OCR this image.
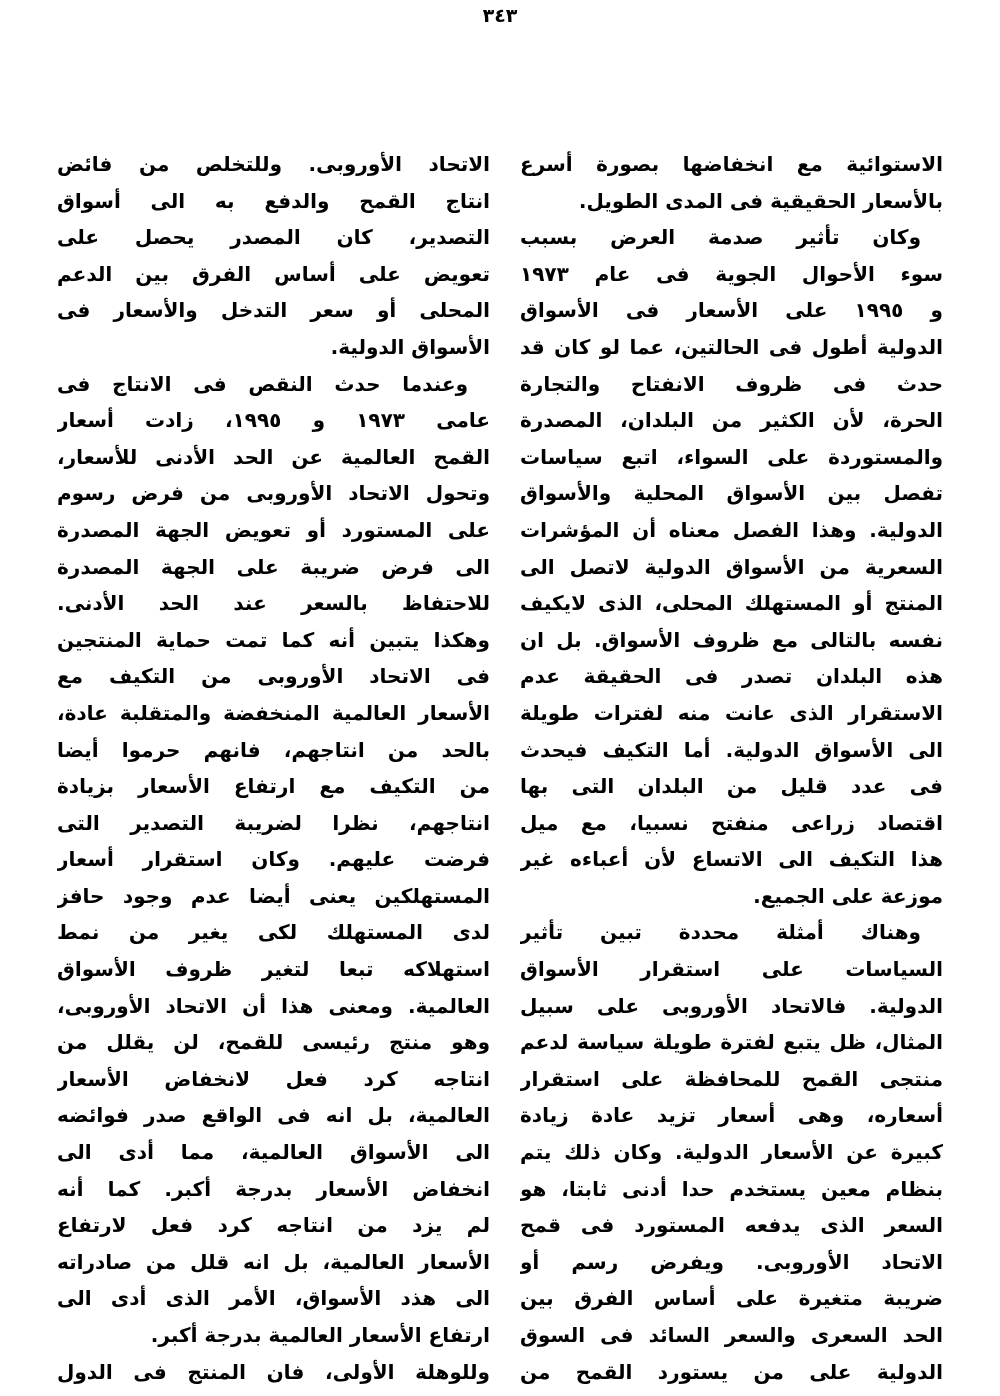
٣٤٣
الاستوائية مع انخفاضها بصورة أسرع
بالأسعار الحقيقية فى المدى الطويل.
وكان تأثير صدمة العرض بسبب
سوء الأحوال الجوية فى عام ١٩٧٣
و ١٩٩٥ على الأسعار فى الأسواق
الدولية أطول فى الحالتين، عما لو كان قد
حدث فى ظروف الانفتاح والتجارة
الحرة، لأن الكثير من البلدان، المصدرة
والمستوردة على السواء، اتبع سياسات
تفصل بين الأسواق المحلية والأسواق
الدولية. وهذا الفصل معناه أن المؤشرات
السعرية من الأسواق الدولية لاتصل الى
المنتج أو المستهلك المحلى، الذى لايكيف
نفسه بالتالى مع ظروف الأسواق. بل ان
هذه البلدان تصدر فى الحقيقة عدم
الاستقرار الذى عانت منه لفترات طويلة
الى الأسواق الدولية. أما التكيف فيحدث
فى عدد قليل من البلدان التى بها
اقتصاد زراعى منفتح نسبيا، مع ميل
هذا التكيف الى الاتساع لأن أعباءه غير
موزعة على الجميع.
وهناك أمثلة محددة تبين تأثير
السياسات على استقرار الأسواق
الدولية. فالاتحاد الأوروبى على سبيل
المثال، ظل يتبع لفترة طويلة سياسة لدعم
منتجى القمح للمحافظة على استقرار
أسعاره، وهى أسعار تزيد عادة زيادة
كبيرة عن الأسعار الدولية. وكان ذلك يتم
بنظام معين يستخدم حدا أدنى ثابتا، هو
السعر الذى يدفعه المستورد فى قمح
الاتحاد الأوروبى. ويفرض رسم أو
ضريبة متغيرة على أساس الفرق بين
الحد السعرى والسعر السائد فى السوق
الدولية على من يستورد القمح من
الاتحاد الأوروبى. وللتخلص من فائض
انتاج القمح والدفع به الى أسواق
التصدير، كان المصدر يحصل على
تعويض على أساس الفرق بين الدعم
المحلى أو سعر التدخل والأسعار فى
الأسواق الدولية.
وعندما حدث النقص فى الانتاج فى
عامى ١٩٧٣ و ١٩٩٥، زادت أسعار
القمح العالمية عن الحد الأدنى للأسعار،
وتحول الاتحاد الأوروبى من فرض رسوم
على المستورد أو تعويض الجهة المصدرة
الى فرض ضريبة على الجهة المصدرة
للاحتفاظ بالسعر عند الحد الأدنى.
وهكذا يتبين أنه كما تمت حماية المنتجين
فى الاتحاد الأوروبى من التكيف مع
الأسعار العالمية المنخفضة والمتقلبة عادة،
بالحد من انتاجهم، فانهم حرموا أيضا
من التكيف مع ارتفاع الأسعار بزيادة
انتاجهم، نظرا لضريبة التصدير التى
فرضت عليهم. وكان استقرار أسعار
المستهلكين يعنى أيضا عدم وجود حافز
لدى المستهلك لكى يغير من نمط
استهلاكه تبعا لتغير ظروف الأسواق
العالمية. ومعنى هذا أن الاتحاد الأوروبى،
وهو منتج رئيسى للقمح، لن يقلل من
انتاجه كرد فعل لانخفاض الأسعار
العالمية، بل انه فى الواقع صدر فوائضه
الى الأسواق العالمية، مما أدى الى
انخفاض الأسعار بدرجة أكبر. كما أنه
لم يزد من انتاجه كرد فعل لارتفاع
الأسعار العالمية، بل انه قلل من صادراته
الى هذد الأسواق، الأمر الذى أدى الى
ارتفاع الأسعار العالمية بدرجة أكبر.
وللوهلة الأولى، فان المنتج فى الدول
